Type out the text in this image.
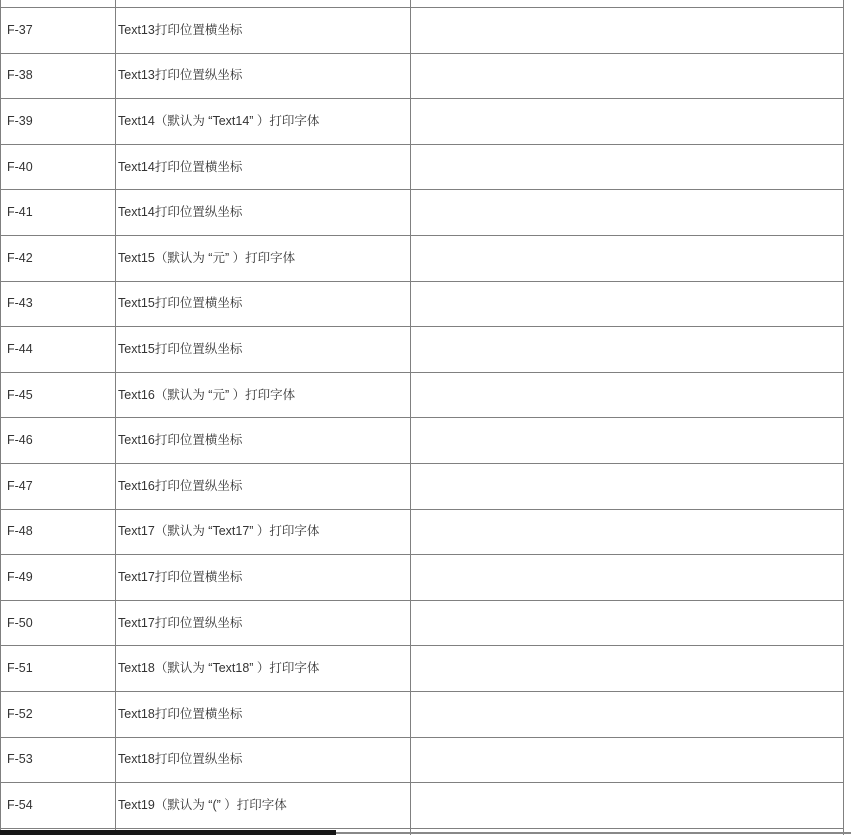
F-37	Text13打印位置横坐标
F-38	Text13打印位置纵坐标
F-39	Text14（默认为 “Text14” ）打印字体
F-40	Text14打印位置横坐标
F-41	Text14打印位置纵坐标
F-42	Text15（默认为 “元” ）打印字体
F-43	Text15打印位置横坐标
F-44	Text15打印位置纵坐标
F-45	Text16（默认为 “元” ）打印字体
F-46	Text16打印位置横坐标
F-47	Text16打印位置纵坐标
F-48	Text17（默认为 “Text17” ）打印字体
F-49	Text17打印位置横坐标
F-50	Text17打印位置纵坐标
F-51	Text18（默认为 “Text18” ）打印字体
F-52	Text18打印位置横坐标
F-53	Text18打印位置纵坐标
F-54	Text19（默认为 “(” ）打印字体
